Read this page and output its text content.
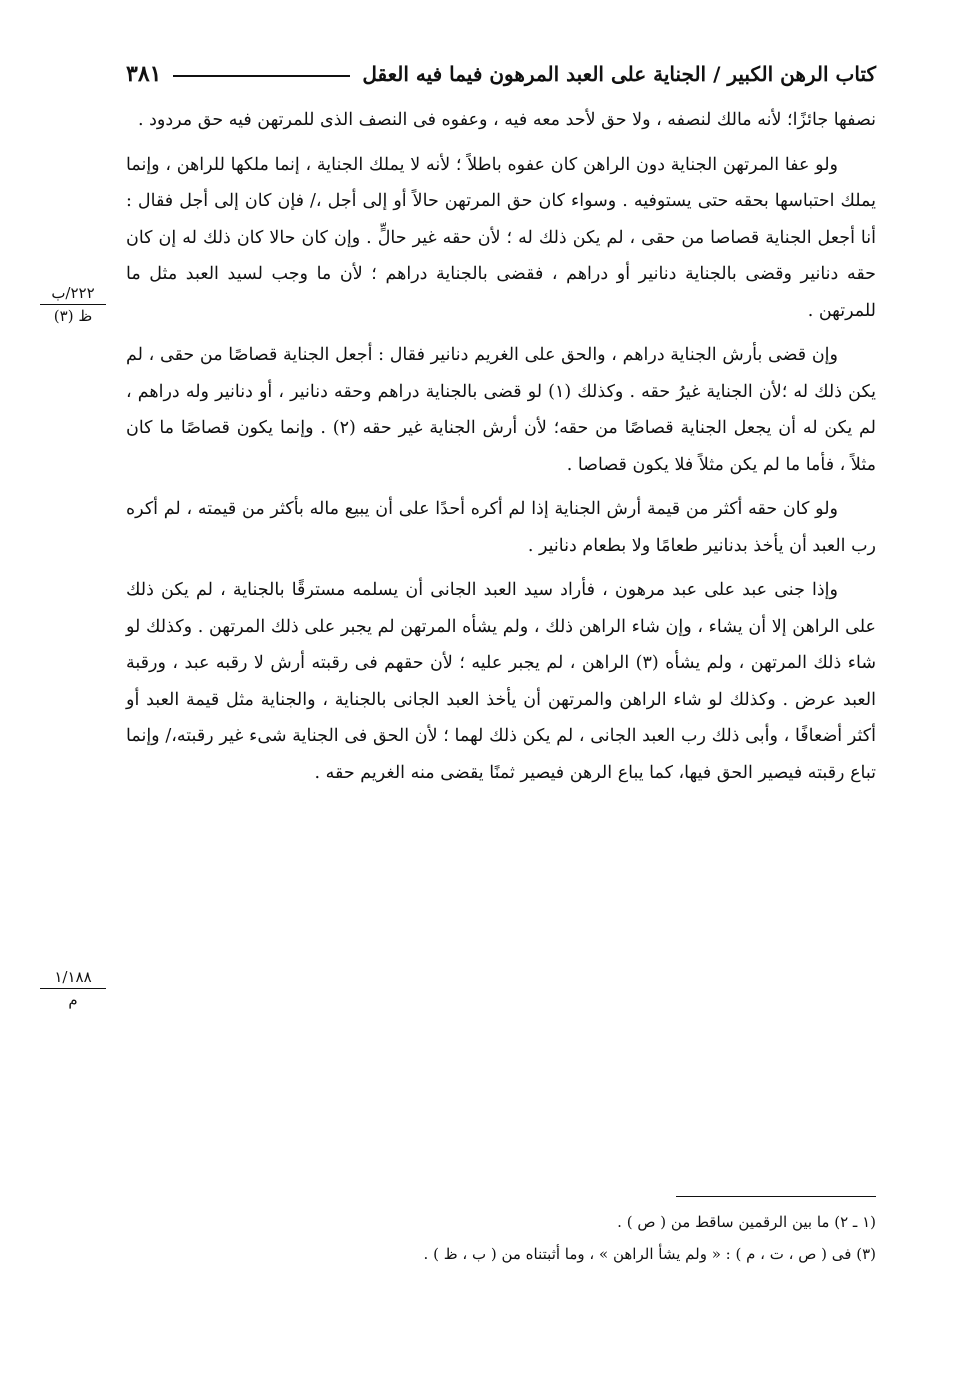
كتاب الرهن الكبير / الجناية على العبد المرهون فيما فيه العقل
٣٨١

نصفها جائزًا؛ لأنه مالك لنصفه ، ولا حق لأحد معه فيه ، وعفوه فى النصف الذى للمرتهن فيه حق مردود .

ولو عفا المرتهن الجناية دون الراهن كان عفوه باطلاً ؛ لأنه لا يملك الجناية ، إنما ملكها للراهن ، وإنما يملك احتباسها بحقه حتى يستوفيه . وسواء كان حق المرتهن حالاً أو إلى أجل ،/ فإن كان إلى أجل فقال : أنا أجعل الجناية قصاصا من حقى ، لم يكن ذلك له ؛ لأن حقه غير حالٍّ . وإن كان حالا كان ذلك له إن كان حقه دنانير وقضى بالجناية دنانير أو دراهم ، فقضى بالجناية دراهم ؛ لأن ما وجب لسيد العبد مثل ما للمرتهن .

وإن قضى بأرش الجناية دراهم ، والحق على الغريم دنانير فقال : أجعل الجناية قصاصًا من حقى ، لم يكن ذلك له ؛لأن الجناية غيرُ حقه . وكذلك (١) لو قضى بالجناية دراهم وحقه دنانير ، أو دنانير وله دراهم ، لم يكن له أن يجعل الجناية قصاصًا من حقه؛ لأن أرش الجناية غير حقه (٢) . وإنما يكون قصاصًا ما كان مثلاً ، فأما ما لم يكن مثلاً فلا يكون قصاصا .

ولو كان حقه أكثر من قيمة أرش الجناية إذا لم أكره أحدًا على أن يبيع ماله بأكثر من قيمته ، لم أكره رب العبد أن يأخذ بدنانير طعامًا ولا بطعام دنانير .

وإذا جنى عبد على عبد مرهون ، فأراد سيد العبد الجانى أن يسلمه مسترقًا بالجناية ، لم يكن ذلك على الراهن إلا أن يشاء ، وإن شاء الراهن ذلك ، ولم يشأه المرتهن لم يجبر على ذلك المرتهن . وكذلك لو شاء ذلك المرتهن ، ولم يشأه (٣) الراهن ، لم يجبر عليه ؛ لأن حقهم فى رقبته أرش لا رقبه عبد ، ورقبة العبد عرض . وكذلك لو شاء الراهن والمرتهن أن يأخذ العبد الجانى بالجناية ، والجناية مثل قيمة العبد أو أكثر أضعافًا ، وأبى ذلك رب العبد الجانى ، لم يكن ذلك لهما ؛ لأن الحق فى الجناية شىء غير رقبته،/ وإنما تباع رقبته فيصير الحق فيها، كما يباع الرهن فيصير ثمنًا يقضى منه الغريم حقه .

٢٢٢/ب
ظ (٣)
١/١٨٨
م

(١ ـ ٢) ما بين الرقمين ساقط من ( ص ) .

(٣) فى ( ص ، ت ، م ) : « ولم يشأ الراهن » ، وما أثبتناه من ( ب ، ظ ) .
